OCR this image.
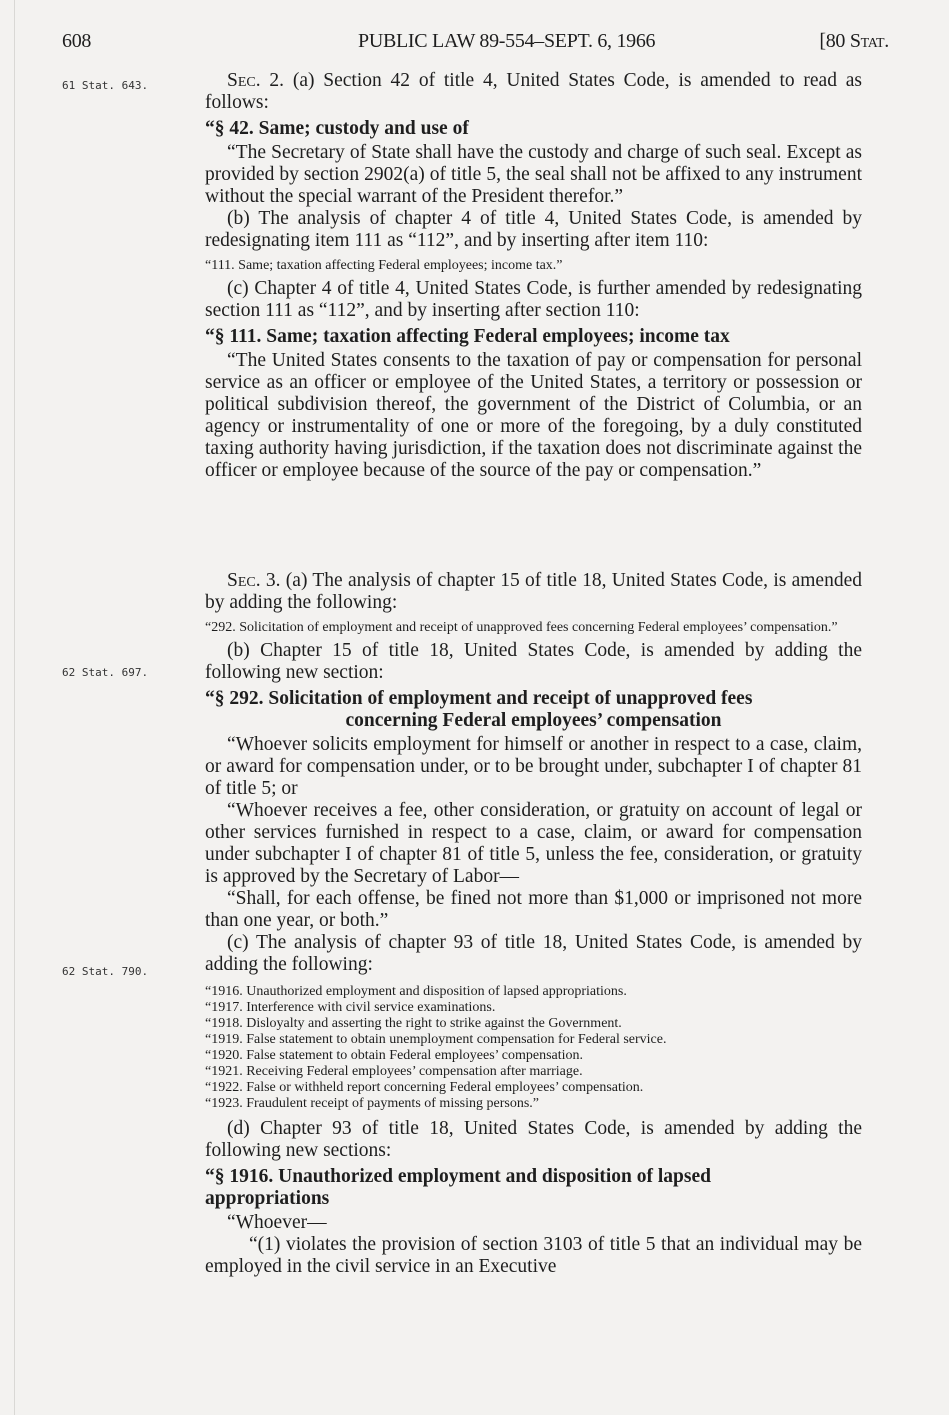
608	PUBLIC LAW 89-554–SEPT. 6, 1966	[80 Stat.
61 Stat. 643.
62 Stat. 697.
62 Stat. 790.

Sec. 2. (a) Section 42 of title 4, United States Code, is amended to read as follows:

“§ 42. Same; custody and use of

“The Secretary of State shall have the custody and charge of such seal. Except as provided by section 2902(a) of title 5, the seal shall not be affixed to any instrument without the special warrant of the President therefor.”

(b) The analysis of chapter 4 of title 4, United States Code, is amended by redesignating item 111 as “112”, and by inserting after item 110:

“111. Same; taxation affecting Federal employees; income tax.”

(c) Chapter 4 of title 4, United States Code, is further amended by redesignating section 111 as “112”, and by inserting after section 110:

“§ 111. Same; taxation affecting Federal employees; income tax

“The United States consents to the taxation of pay or compensation for personal service as an officer or employee of the United States, a territory or possession or political subdivision thereof, the government of the District of Columbia, or an agency or instrumentality of one or more of the foregoing, by a duly constituted taxing authority having jurisdiction, if the taxation does not discriminate against the officer or employee because of the source of the pay or compensation.”

Sec. 3. (a) The analysis of chapter 15 of title 18, United States Code, is amended by adding the following:

“292. Solicitation of employment and receipt of unapproved fees concerning Federal employees’ compensation.”

(b) Chapter 15 of title 18, United States Code, is amended by adding the following new section:

“§ 292. Solicitation of employment and receipt of unapproved fees
concerning Federal employees’ compensation

“Whoever solicits employment for himself or another in respect to a case, claim, or award for compensation under, or to be brought under, subchapter I of chapter 81 of title 5; or

“Whoever receives a fee, other consideration, or gratuity on account of legal or other services furnished in respect to a case, claim, or award for compensation under subchapter I of chapter 81 of title 5, unless the fee, consideration, or gratuity is approved by the Secretary of Labor—

“Shall, for each offense, be fined not more than $1,000 or imprisoned not more than one year, or both.”

(c) The analysis of chapter 93 of title 18, United States Code, is amended by adding the following:

“1916. Unauthorized employment and disposition of lapsed appropriations.
“1917. Interference with civil service examinations.
“1918. Disloyalty and asserting the right to strike against the Government.
“1919. False statement to obtain unemployment compensation for Federal service.
“1920. False statement to obtain Federal employees’ compensation.
“1921. Receiving Federal employees’ compensation after marriage.
“1922. False or withheld report concerning Federal employees’ compensation.
“1923. Fraudulent receipt of payments of missing persons.”

(d) Chapter 93 of title 18, United States Code, is amended by adding the following new sections:

“§ 1916. Unauthorized employment and disposition of lapsed
appropriations

“Whoever—

“(1) violates the provision of section 3103 of title 5 that an individual may be employed in the civil service in an Executive
